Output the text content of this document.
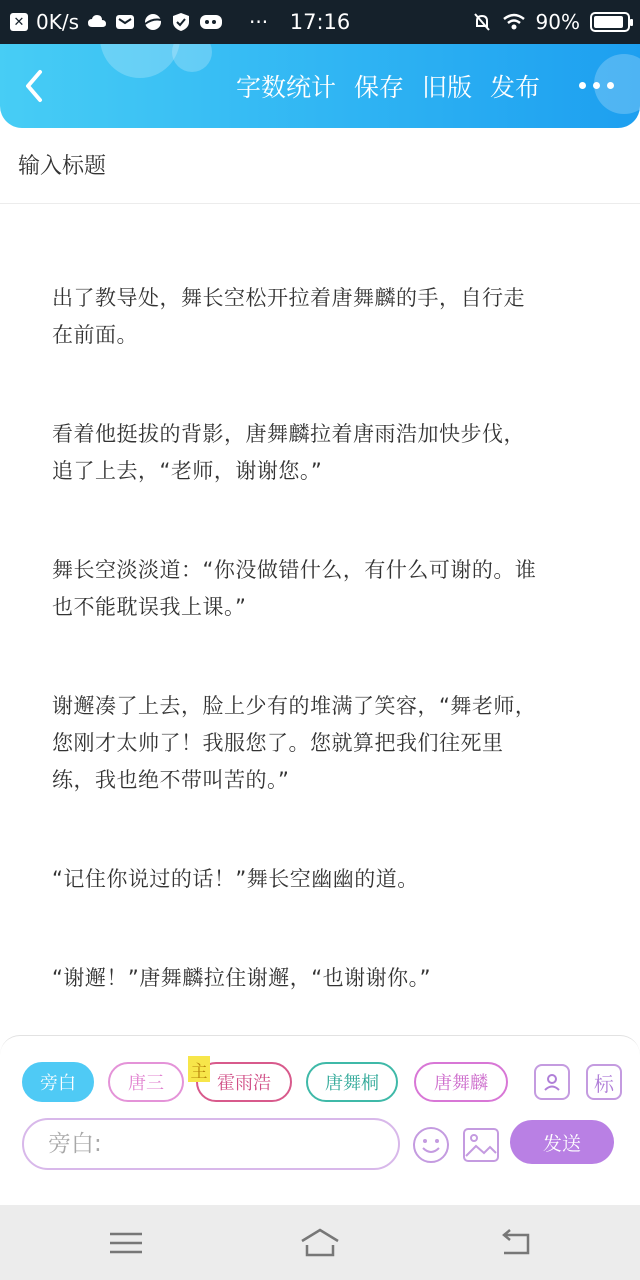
✕ 0K/s	···	17:16	90%
字数统计 保存 旧版 发布
输入标题

出了教导处，舞长空松开拉着唐舞麟的手，自行走在前面。

看着他挺拔的背影，唐舞麟拉着唐雨浩加快步伐，追了上去，“老师，谢谢您。”

舞长空淡淡道：“你没做错什么，有什么可谢的。谁也不能耽误我上课。”

谢邂凑了上去，脸上少有的堆满了笑容，“舞老师，您刚才太帅了！我服您了。您就算把我们往死里练，我也绝不带叫苦的。”

“记住你说过的话！”舞长空幽幽的道。

“谢邂！”唐舞麟拉住谢邂，“也谢谢你。”

旁白	唐三	霍雨浩
主
唐舞桐	唐舞麟	标
旁白:
发送
